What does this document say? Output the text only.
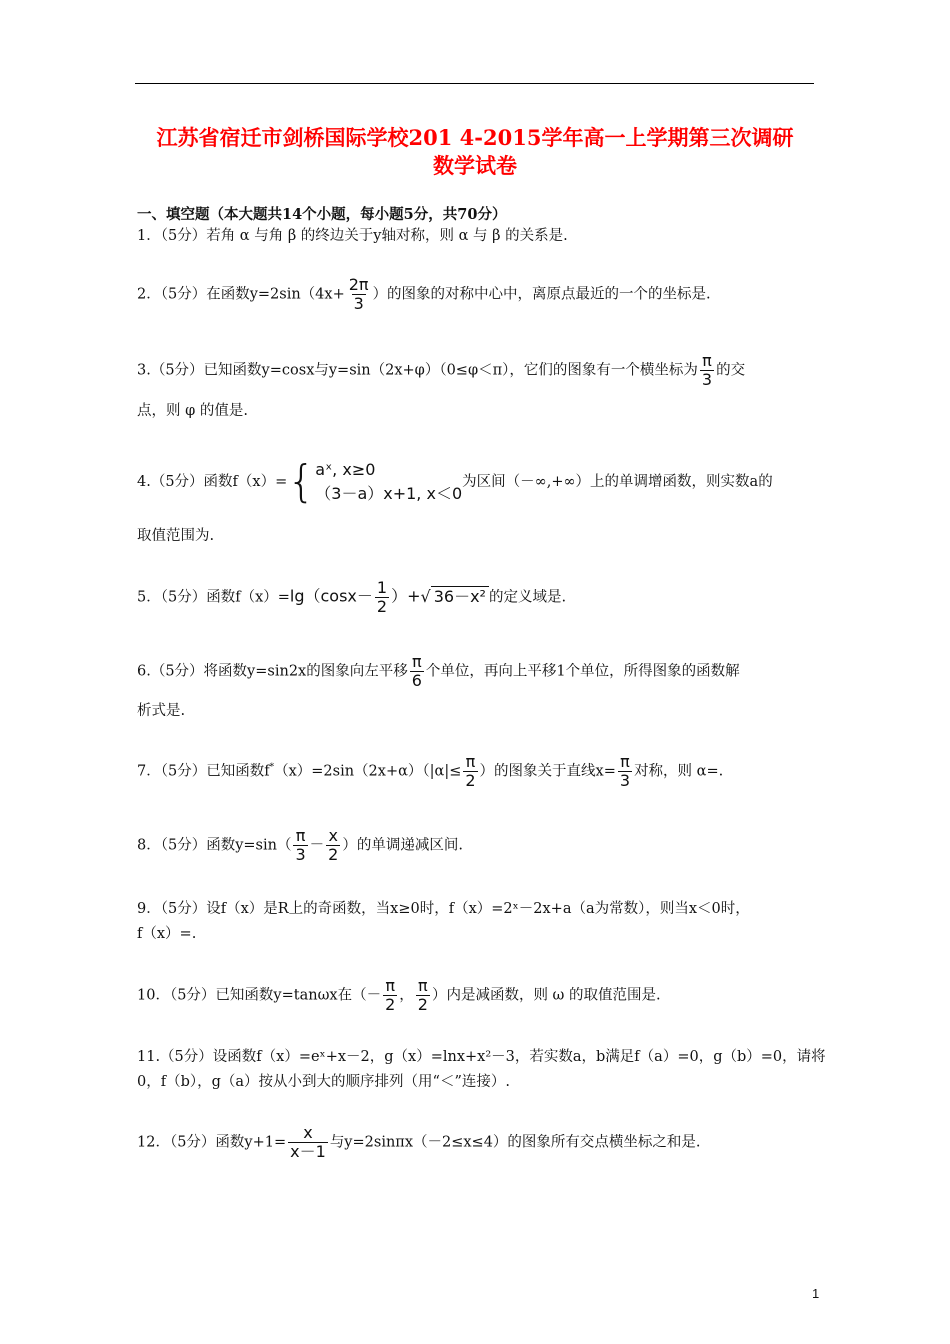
江苏省宿迁市剑桥国际学校201 4-2015学年高一上学期第三次调研
数学试卷
一、填空题（本大题共14个小题，每小题5分，共70分）
1．（5分）若角 α 与角 β 的终边关于y轴对称，则 α 与 β 的关系是.
2．（5分）在函数$y=2\sin(4x+ \frac{2\pi}{3}$ ）的图象的对称中心中，离原点最近的一个的坐标是.
3.（5分）已知函数y=cosx与y=sin（2x+φ）（0≤φ＜π），它们的图象有一个横坐标为 $\frac{\pi}{3}$ 的交
点，则 φ 的值是.
4.（5分）函数f（x）= { aˣ, x≥0
（3－a）x+1, x＜0
为区间（－∞,+∞）上的单调增函数，则实数a的
取值范围为.
5．（5分）函数$f(x)=\lg(\cos x- \frac{1}{2}$ ）+√ 36－x² 的定义域是.
6.（5分）将函数y=sin2x的图象向左平移 $\frac{\pi}{6}$ 个单位，再向上平移1个单位，所得图象的函数解
析式是.
7．（5分）已知函数$f^*(x)=2\sin(2x+\alpha)(|\alpha|\le \frac{\pi}{2}$ ）的图象关于直线$x= \frac{\pi}{3}$ 对称，则 α=.
8．（5分）函数$y=\sin( \frac{\pi}{3} - \frac{x}{2}$ ）的单调递减区间.
9．（5分）设f（x）是R上的奇函数，当x≥0时，f（x）=2ˣ－2x+a（a为常数），则当x＜0时，
f（x）=.
10．（5分）已知函数y=tanωx在（－ $\frac{\pi}{2}$ ， $\frac{\pi}{2}$ ）内是减函数，则 ω 的取值范围是.
11.（5分）设函数f（x）=eˣ+x－2，g（x）=lnx+x²－3，若实数a，b满足f（a）=0，g（b）=0，请将
0，f（b），g（a）按从小到大的顺序排列（用“＜”连接）.
12．（5分）函数$y+1= \frac{x}{x-1}$ 与y=2sinπx（－2≤x≤4）的图象所有交点横坐标之和是.
1
